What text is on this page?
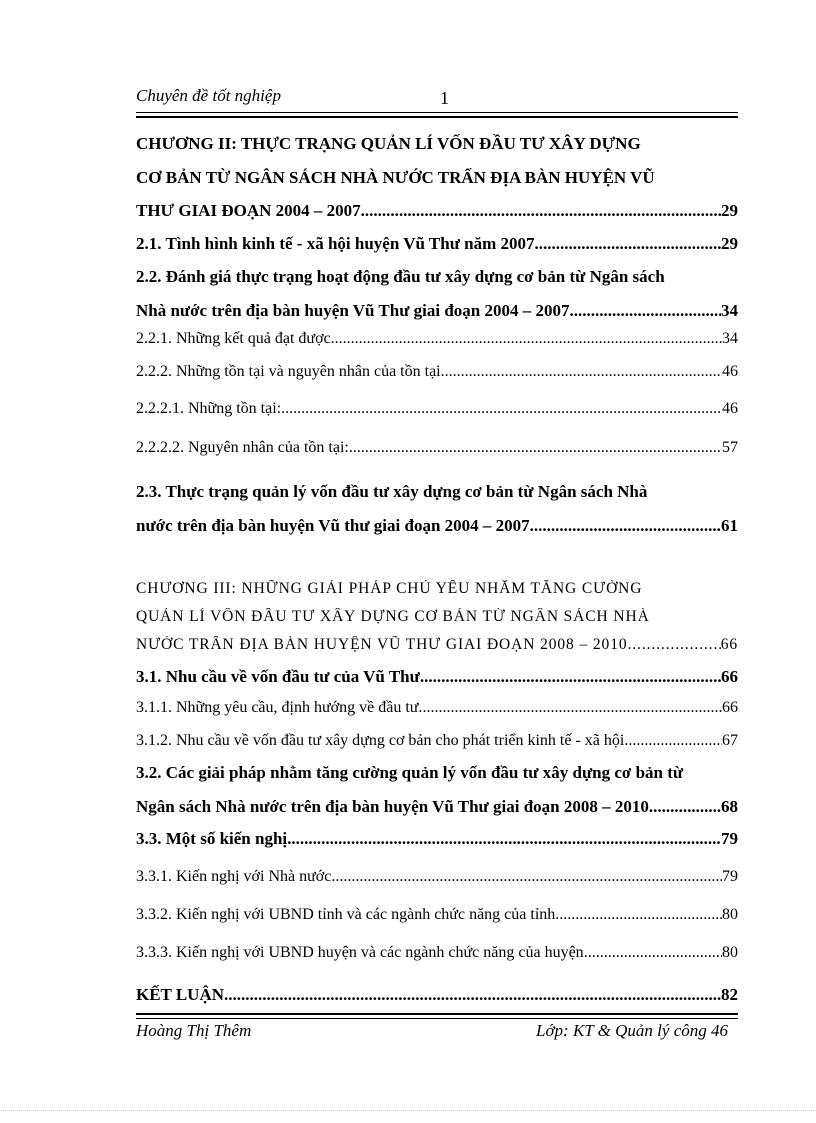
Chuyên đề tốt nghiệp	1
CHƯƠNG II: THỰC TRẠNG QUẢN LÍ VỐN ĐẦU TƯ XÂY DỰNG
CƠ BẢN TỪ NGÂN SÁCH NHÀ NƯỚC TRẤN ĐỊA BÀN HUYỆN VŨ
THƯ GIAI ĐOẠN 2004 – 2007. .....	29
2.1. Tình hình kinh tế - xã hội huyện Vũ Thư năm 2007. .....	29
2.2. Đánh giá thực trạng hoạt động đầu tư xây dựng cơ bản từ Ngân sách
Nhà nước trên địa bàn huyện Vũ Thư giai đoạn 2004 – 2007. .....	34
2.2.1. Những kết quả đạt được. .....	34
2.2.2. Những tồn tại và nguyên nhân của tồn tại. .....	46
2.2.2.1. Những tồn tại: .....	46
2.2.2.2. Nguyên nhân của tồn tại: .....	57
2.3. Thực trạng quản lý vốn đầu tư xây dựng cơ bản từ Ngân sách Nhà
nước trên địa bàn huyện Vũ thư giai đoạn 2004 – 2007. .....	61
CHƯƠNG III: NHỮNG GIẢI PHÁP CHỦ YẾU NHẰM TĂNG CƯỜNG
QUẢN LÍ VỐN ĐẦU TƯ XÂY DỰNG CƠ BẢN TỪ NGÂN SÁCH NHÀ
NƯỚC TRẤN ĐỊA BÀN HUYỆN VŨ THƯ GIAI ĐOẠN 2008 – 2010. .....	66
3.1. Nhu cầu về vốn đầu tư của Vũ Thư. .....	66
3.1.1. Những yêu cầu, định hướng về đầu tư. .....	66
3.1.2. Nhu cầu về vốn đầu tư xây dựng cơ bản cho phát triển kinh tế - xã hội .....	67
3.2. Các giải pháp nhằm tăng cường quản lý vốn đầu tư xây dựng cơ bản từ
Ngân sách Nhà nước trên địa bàn huyện Vũ Thư giai đoạn 2008 – 2010. .....	68
3.3. Một số kiến nghị .....	79
3.3.1. Kiến nghị với Nhà nước. .....	79
3.3.2. Kiến nghị với UBND tỉnh và các ngành chức năng của tỉnh. .....	80
3.3.3. Kiến nghị với UBND huyện và các ngành chức năng của huyện .....	80
KẾT LUẬN .....	82
Hoàng Thị Thêm	Lớp: KT & Quản lý công 46
